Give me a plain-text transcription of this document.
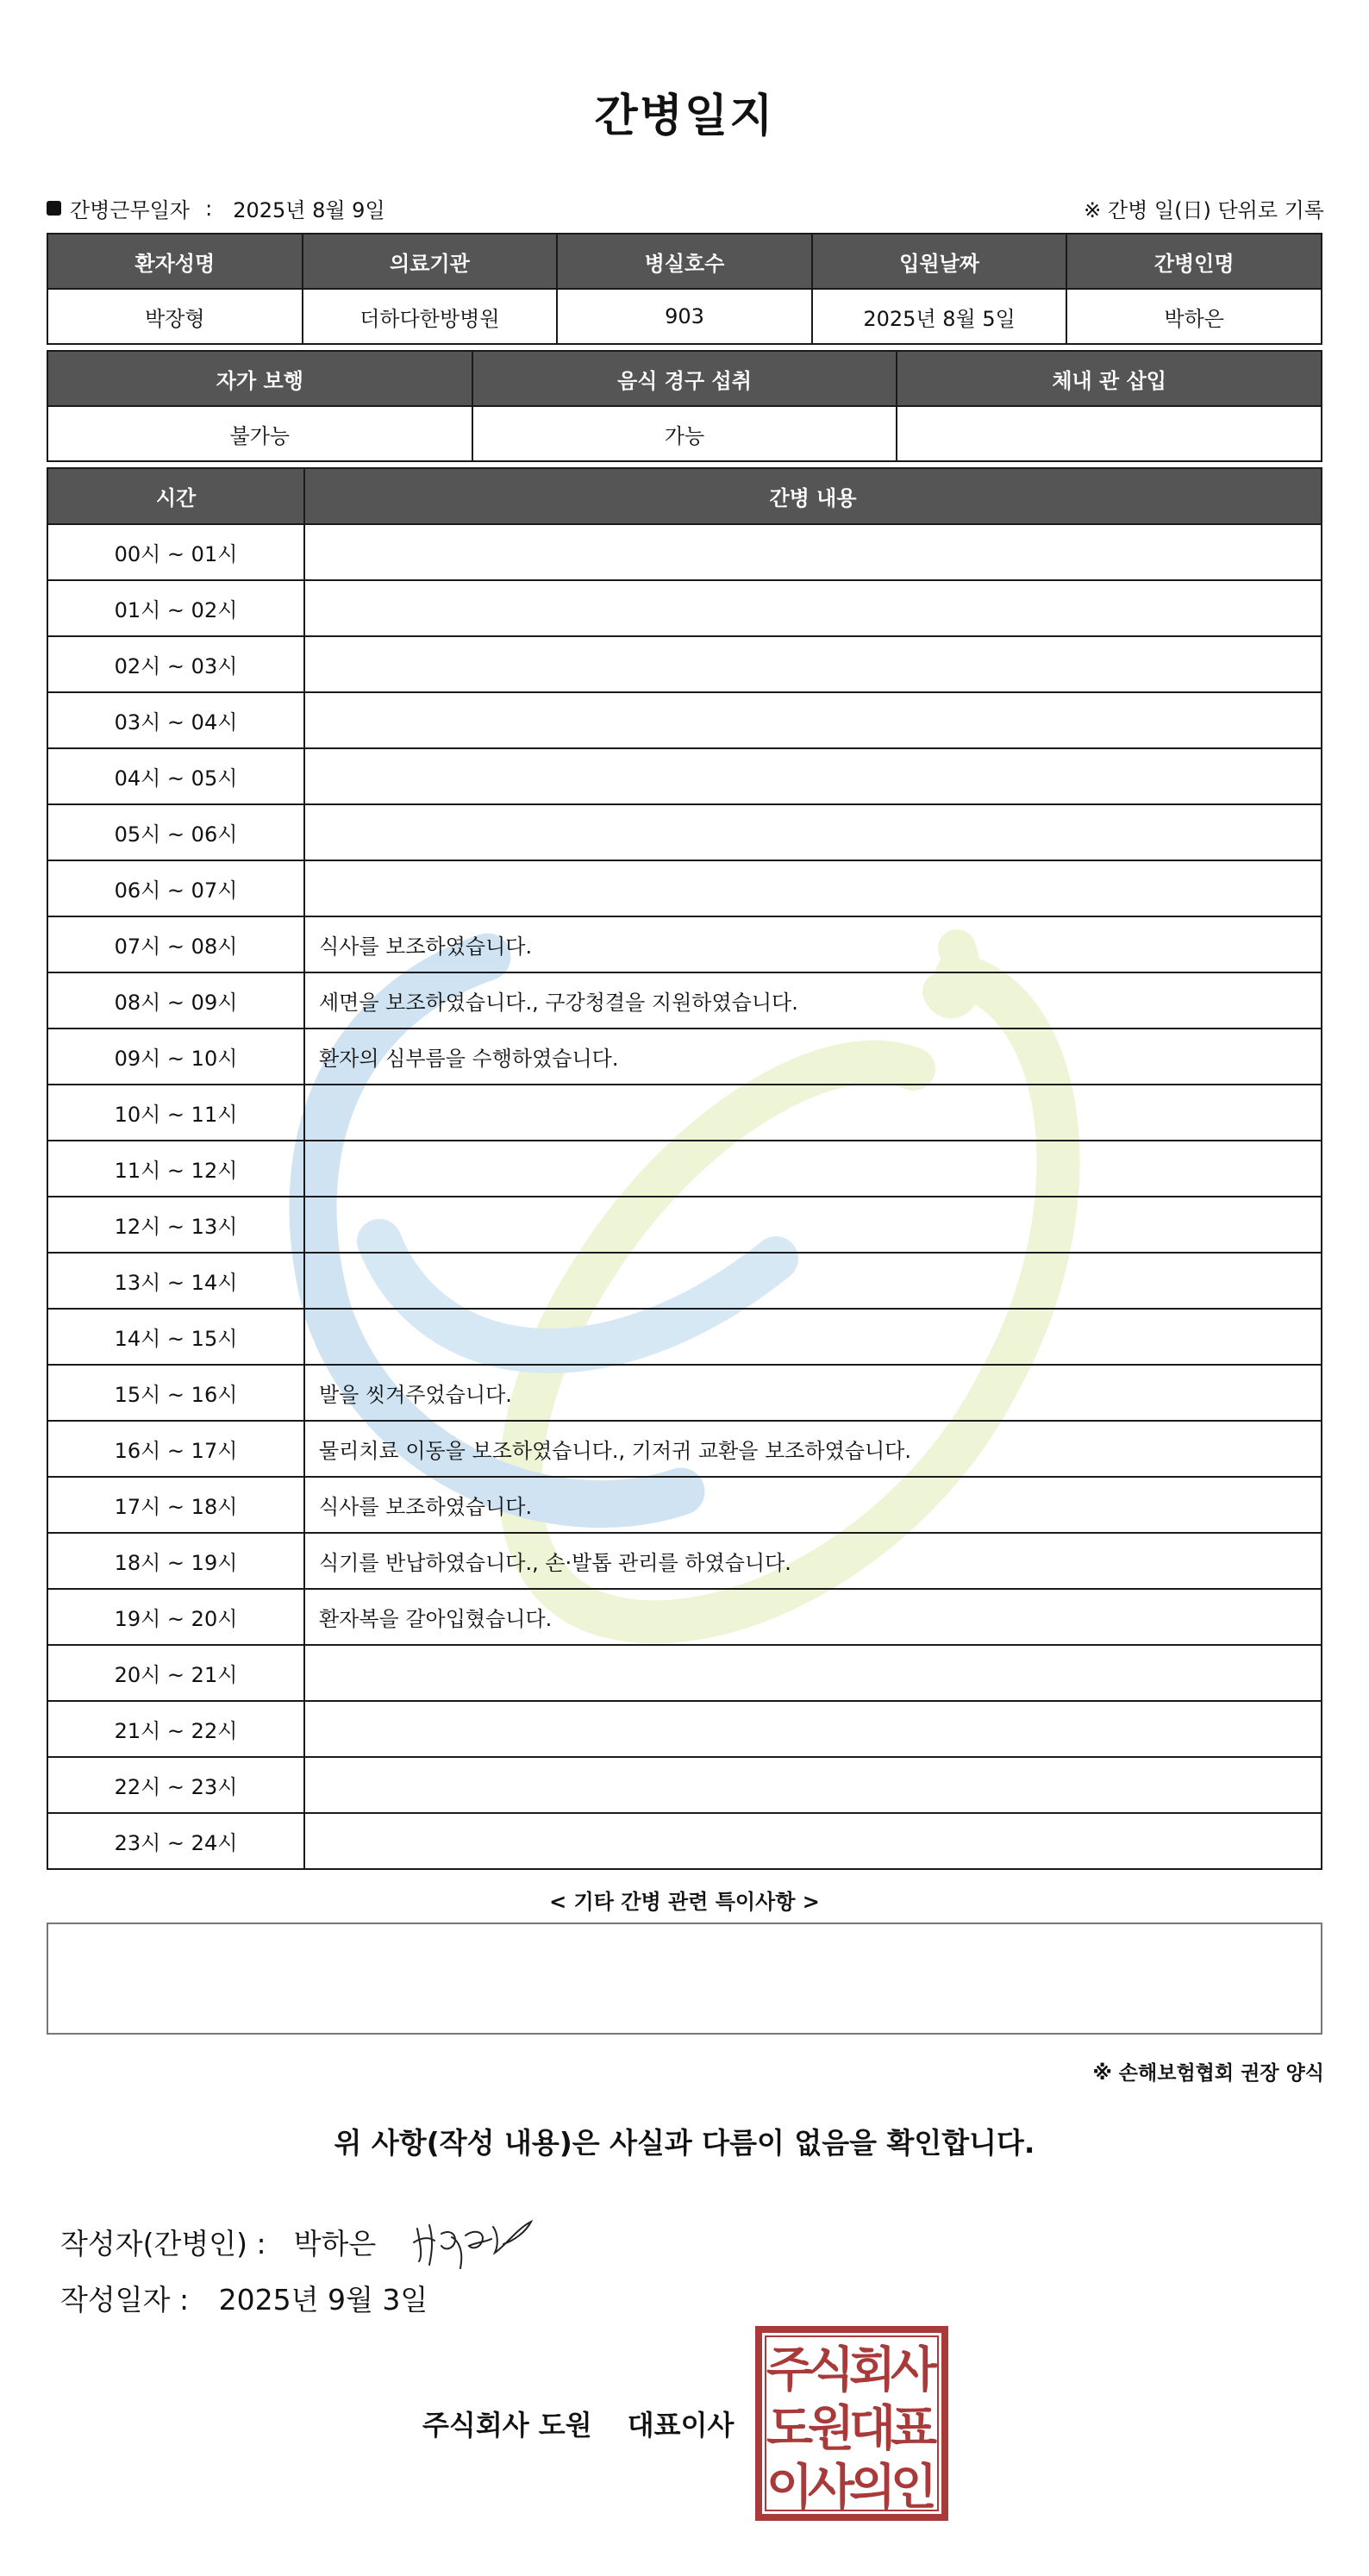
간병일지
간병근무일자 : 2025년 8월 9일	※ 간병 일(日) 단위로 기록
환자성명	의료기관	병실호수	입원날짜	간병인명
박장형	더하다한방병원	903	2025년 8월 5일	박하은
자가 보행	음식 경구 섭취	체내 관 삽입
불가능	가능	
시간	간병 내용
00시 ~ 01시	
01시 ~ 02시	
02시 ~ 03시	
03시 ~ 04시	
04시 ~ 05시	
05시 ~ 06시	
06시 ~ 07시	
07시 ~ 08시	식사를 보조하였습니다.
08시 ~ 09시	세면을 보조하였습니다., 구강청결을 지원하였습니다.
09시 ~ 10시	환자의 심부름을 수행하였습니다.
10시 ~ 11시	
11시 ~ 12시	
12시 ~ 13시	
13시 ~ 14시	
14시 ~ 15시	
15시 ~ 16시	발을 씻겨주었습니다.
16시 ~ 17시	물리치료 이동을 보조하였습니다., 기저귀 교환을 보조하였습니다.
17시 ~ 18시	식사를 보조하였습니다.
18시 ~ 19시	식기를 반납하였습니다., 손·발톱 관리를 하였습니다.
19시 ~ 20시	환자복을 갈아입혔습니다.
20시 ~ 21시	
21시 ~ 22시	
22시 ~ 23시	
23시 ~ 24시	
< 기타 간병 관련 특이사항 >
※ 손해보험협회 권장 양식
위 사항(작성 내용)은 사실과 다름이 없음을 확인합니다.
작성자(간병인) : 박하은
작성일자 : 2025년 9월 3일
주식회사 도원 대표이사
주
식
회
사
도
원
대
표
이
사
의
인
